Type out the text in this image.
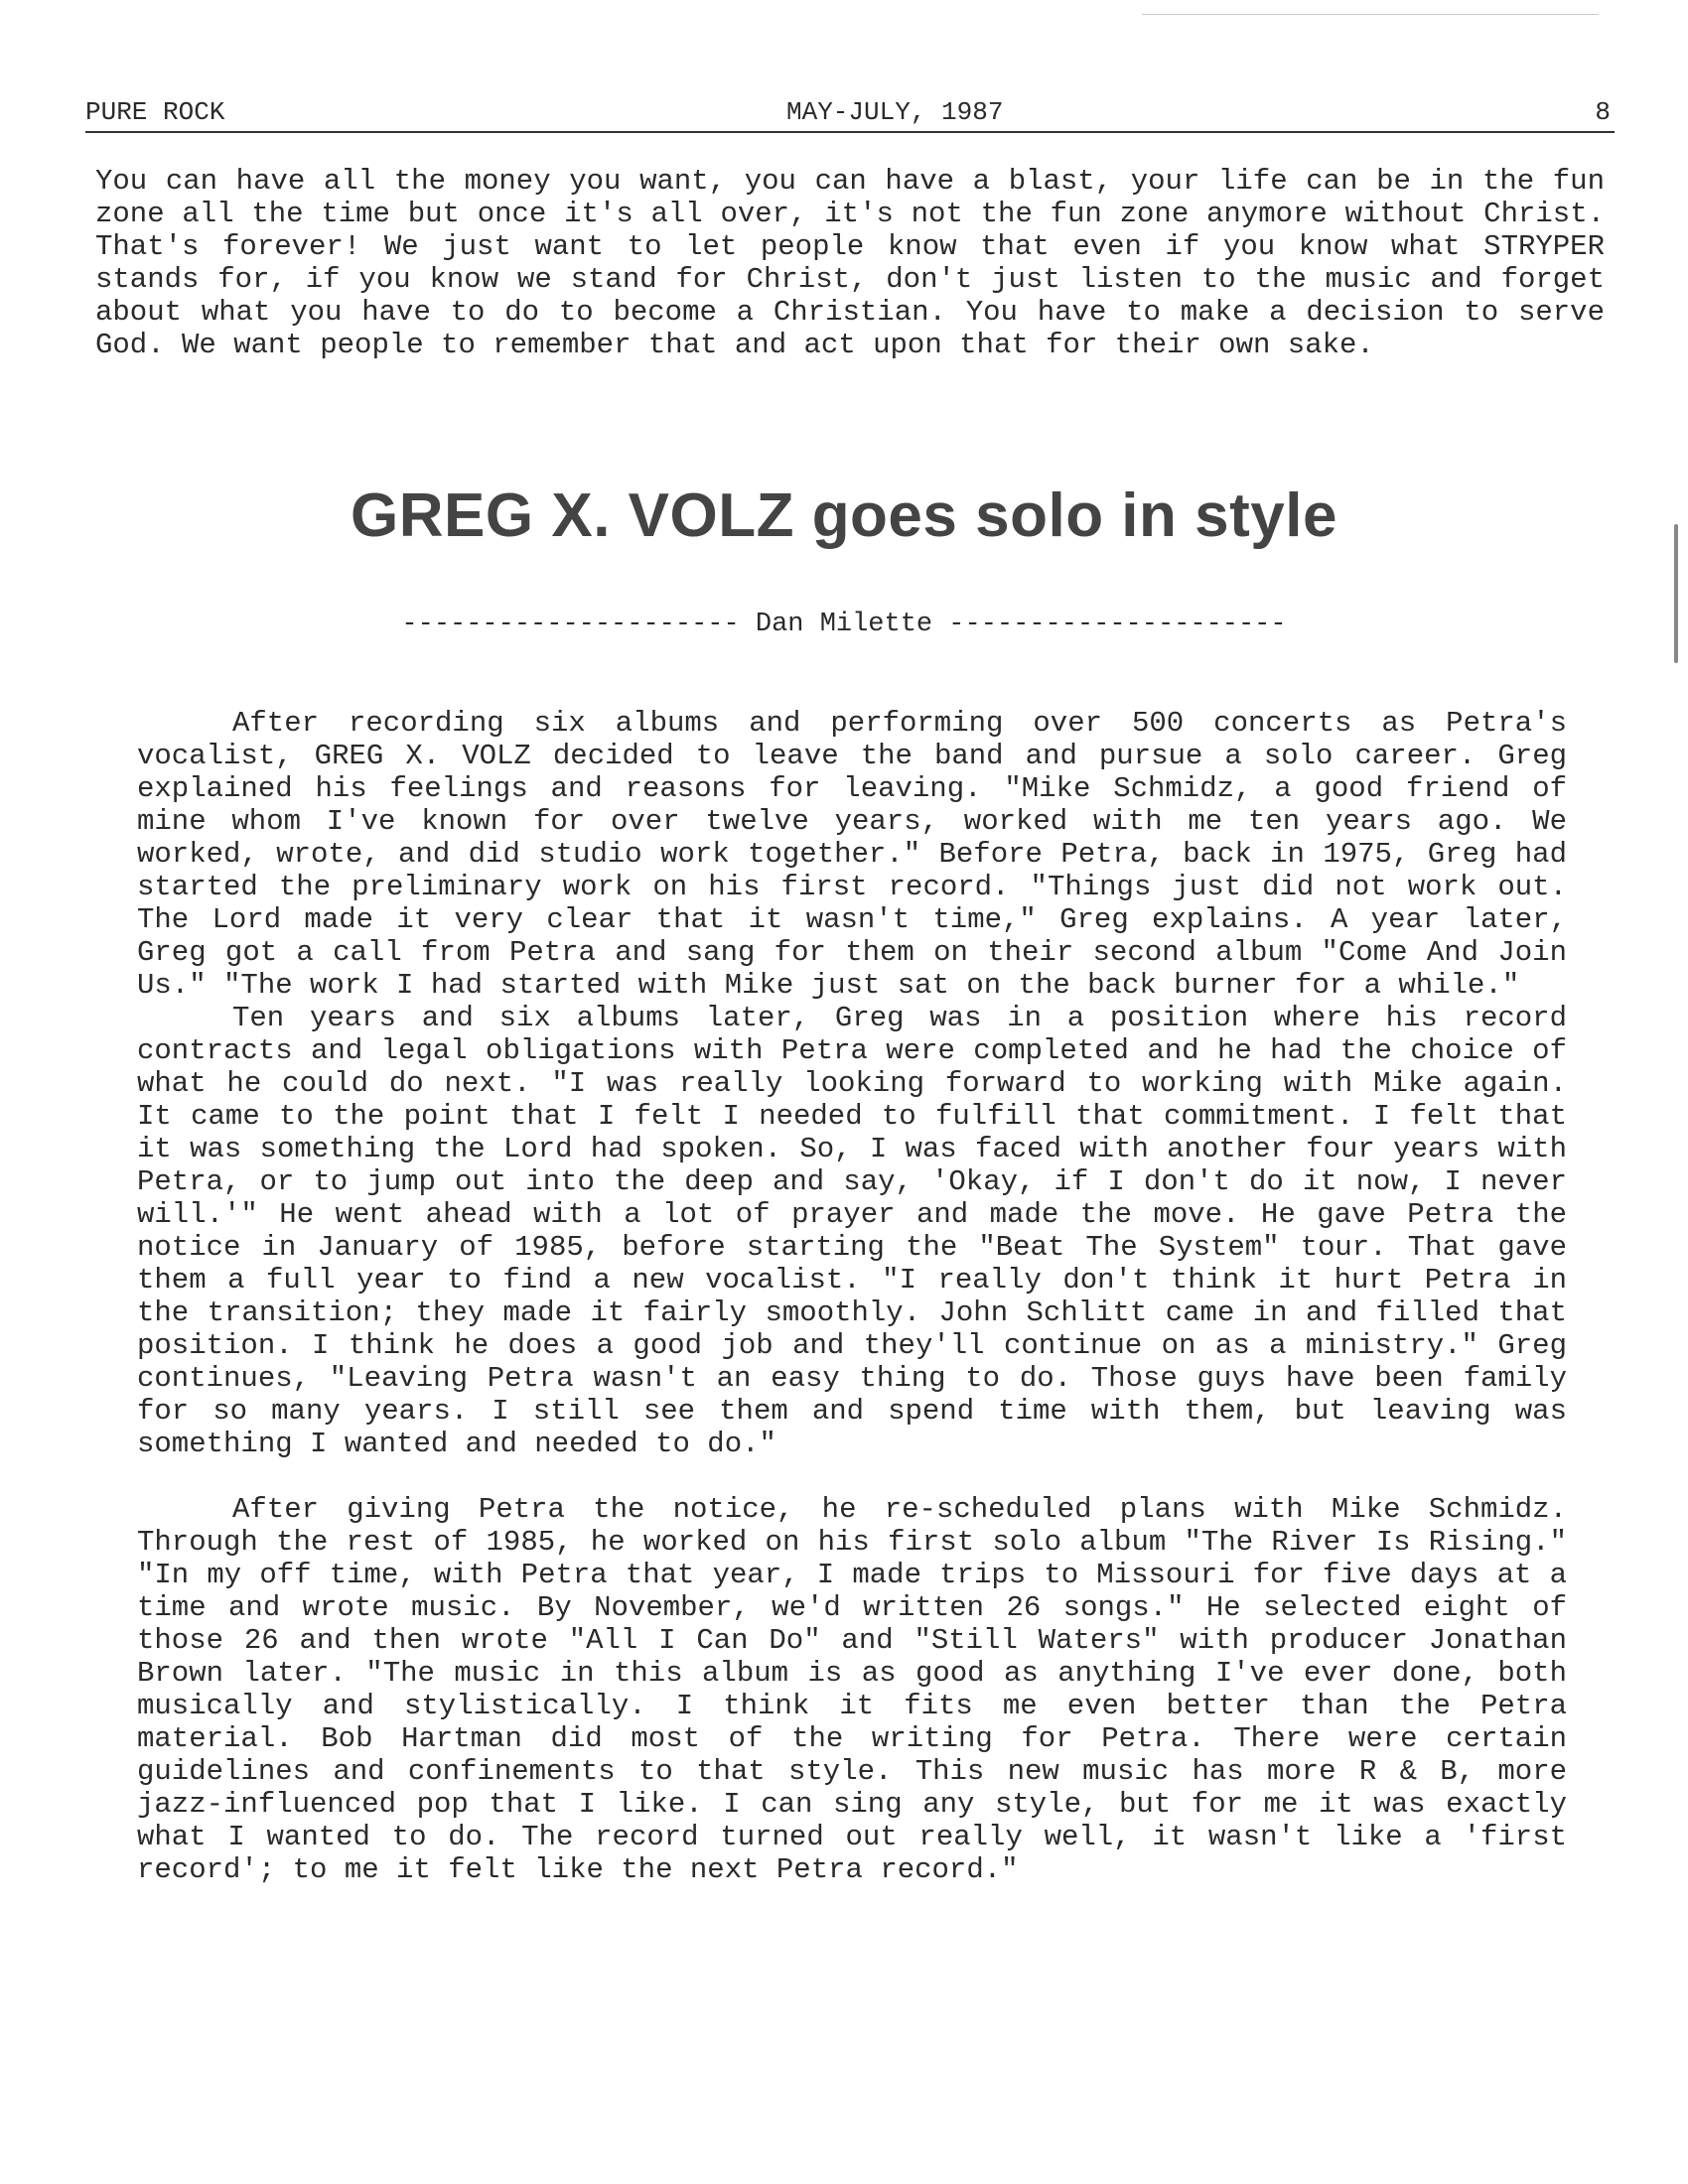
PURE ROCK	MAY-JULY, 1987	8
You can have all the money you want, you can have a blast, your life can be in the fun zone all the time but once it's all over, it's not the fun zone anymore without Christ. That's forever! We just want to let people know that even if you know what STRYPER stands for, if you know we stand for Christ, don't just listen to the music and forget about what you have to do to become a Christian. You have to make a decision to serve God. We want people to remember that and act upon that for their own sake.
GREG X. VOLZ goes solo in style
--------------------- Dan Milette ---------------------

After recording six albums and performing over 500 concerts as Petra's vocalist, GREG X. VOLZ decided to leave the band and pursue a solo career. Greg explained his feelings and reasons for leaving. "Mike Schmidz, a good friend of mine whom I've known for over twelve years, worked with me ten years ago. We worked, wrote, and did studio work together." Before Petra, back in 1975, Greg had started the preliminary work on his first record. "Things just did not work out. The Lord made it very clear that it wasn't time," Greg explains. A year later, Greg got a call from Petra and sang for them on their second album "Come And Join Us." "The work I had started with Mike just sat on the back burner for a while."

Ten years and six albums later, Greg was in a position where his record contracts and legal obligations with Petra were completed and he had the choice of what he could do next. "I was really looking forward to working with Mike again. It came to the point that I felt I needed to fulfill that commitment. I felt that it was something the Lord had spoken. So, I was faced with another four years with Petra, or to jump out into the deep and say, 'Okay, if I don't do it now, I never will.'" He went ahead with a lot of prayer and made the move. He gave Petra the notice in January of 1985, before starting the "Beat The System" tour. That gave them a full year to find a new vocalist. "I really don't think it hurt Petra in the transition; they made it fairly smoothly. John Schlitt came in and filled that position. I think he does a good job and they'll continue on as a ministry." Greg continues, "Leaving Petra wasn't an easy thing to do. Those guys have been family for so many years. I still see them and spend time with them, but leaving was something I wanted and needed to do."

After giving Petra the notice, he re-scheduled plans with Mike Schmidz. Through the rest of 1985, he worked on his first solo album "The River Is Rising." "In my off time, with Petra that year, I made trips to Missouri for five days at a time and wrote music. By November, we'd written 26 songs." He selected eight of those 26 and then wrote "All I Can Do" and "Still Waters" with producer Jonathan Brown later. "The music in this album is as good as anything I've ever done, both musically and stylistically. I think it fits me even better than the Petra material. Bob Hartman did most of the writing for Petra. There were certain guidelines and confinements to that style. This new music has more R & B, more jazz-influenced pop that I like. I can sing any style, but for me it was exactly what I wanted to do. The record turned out really well, it wasn't like a 'first record'; to me it felt like the next Petra record."
